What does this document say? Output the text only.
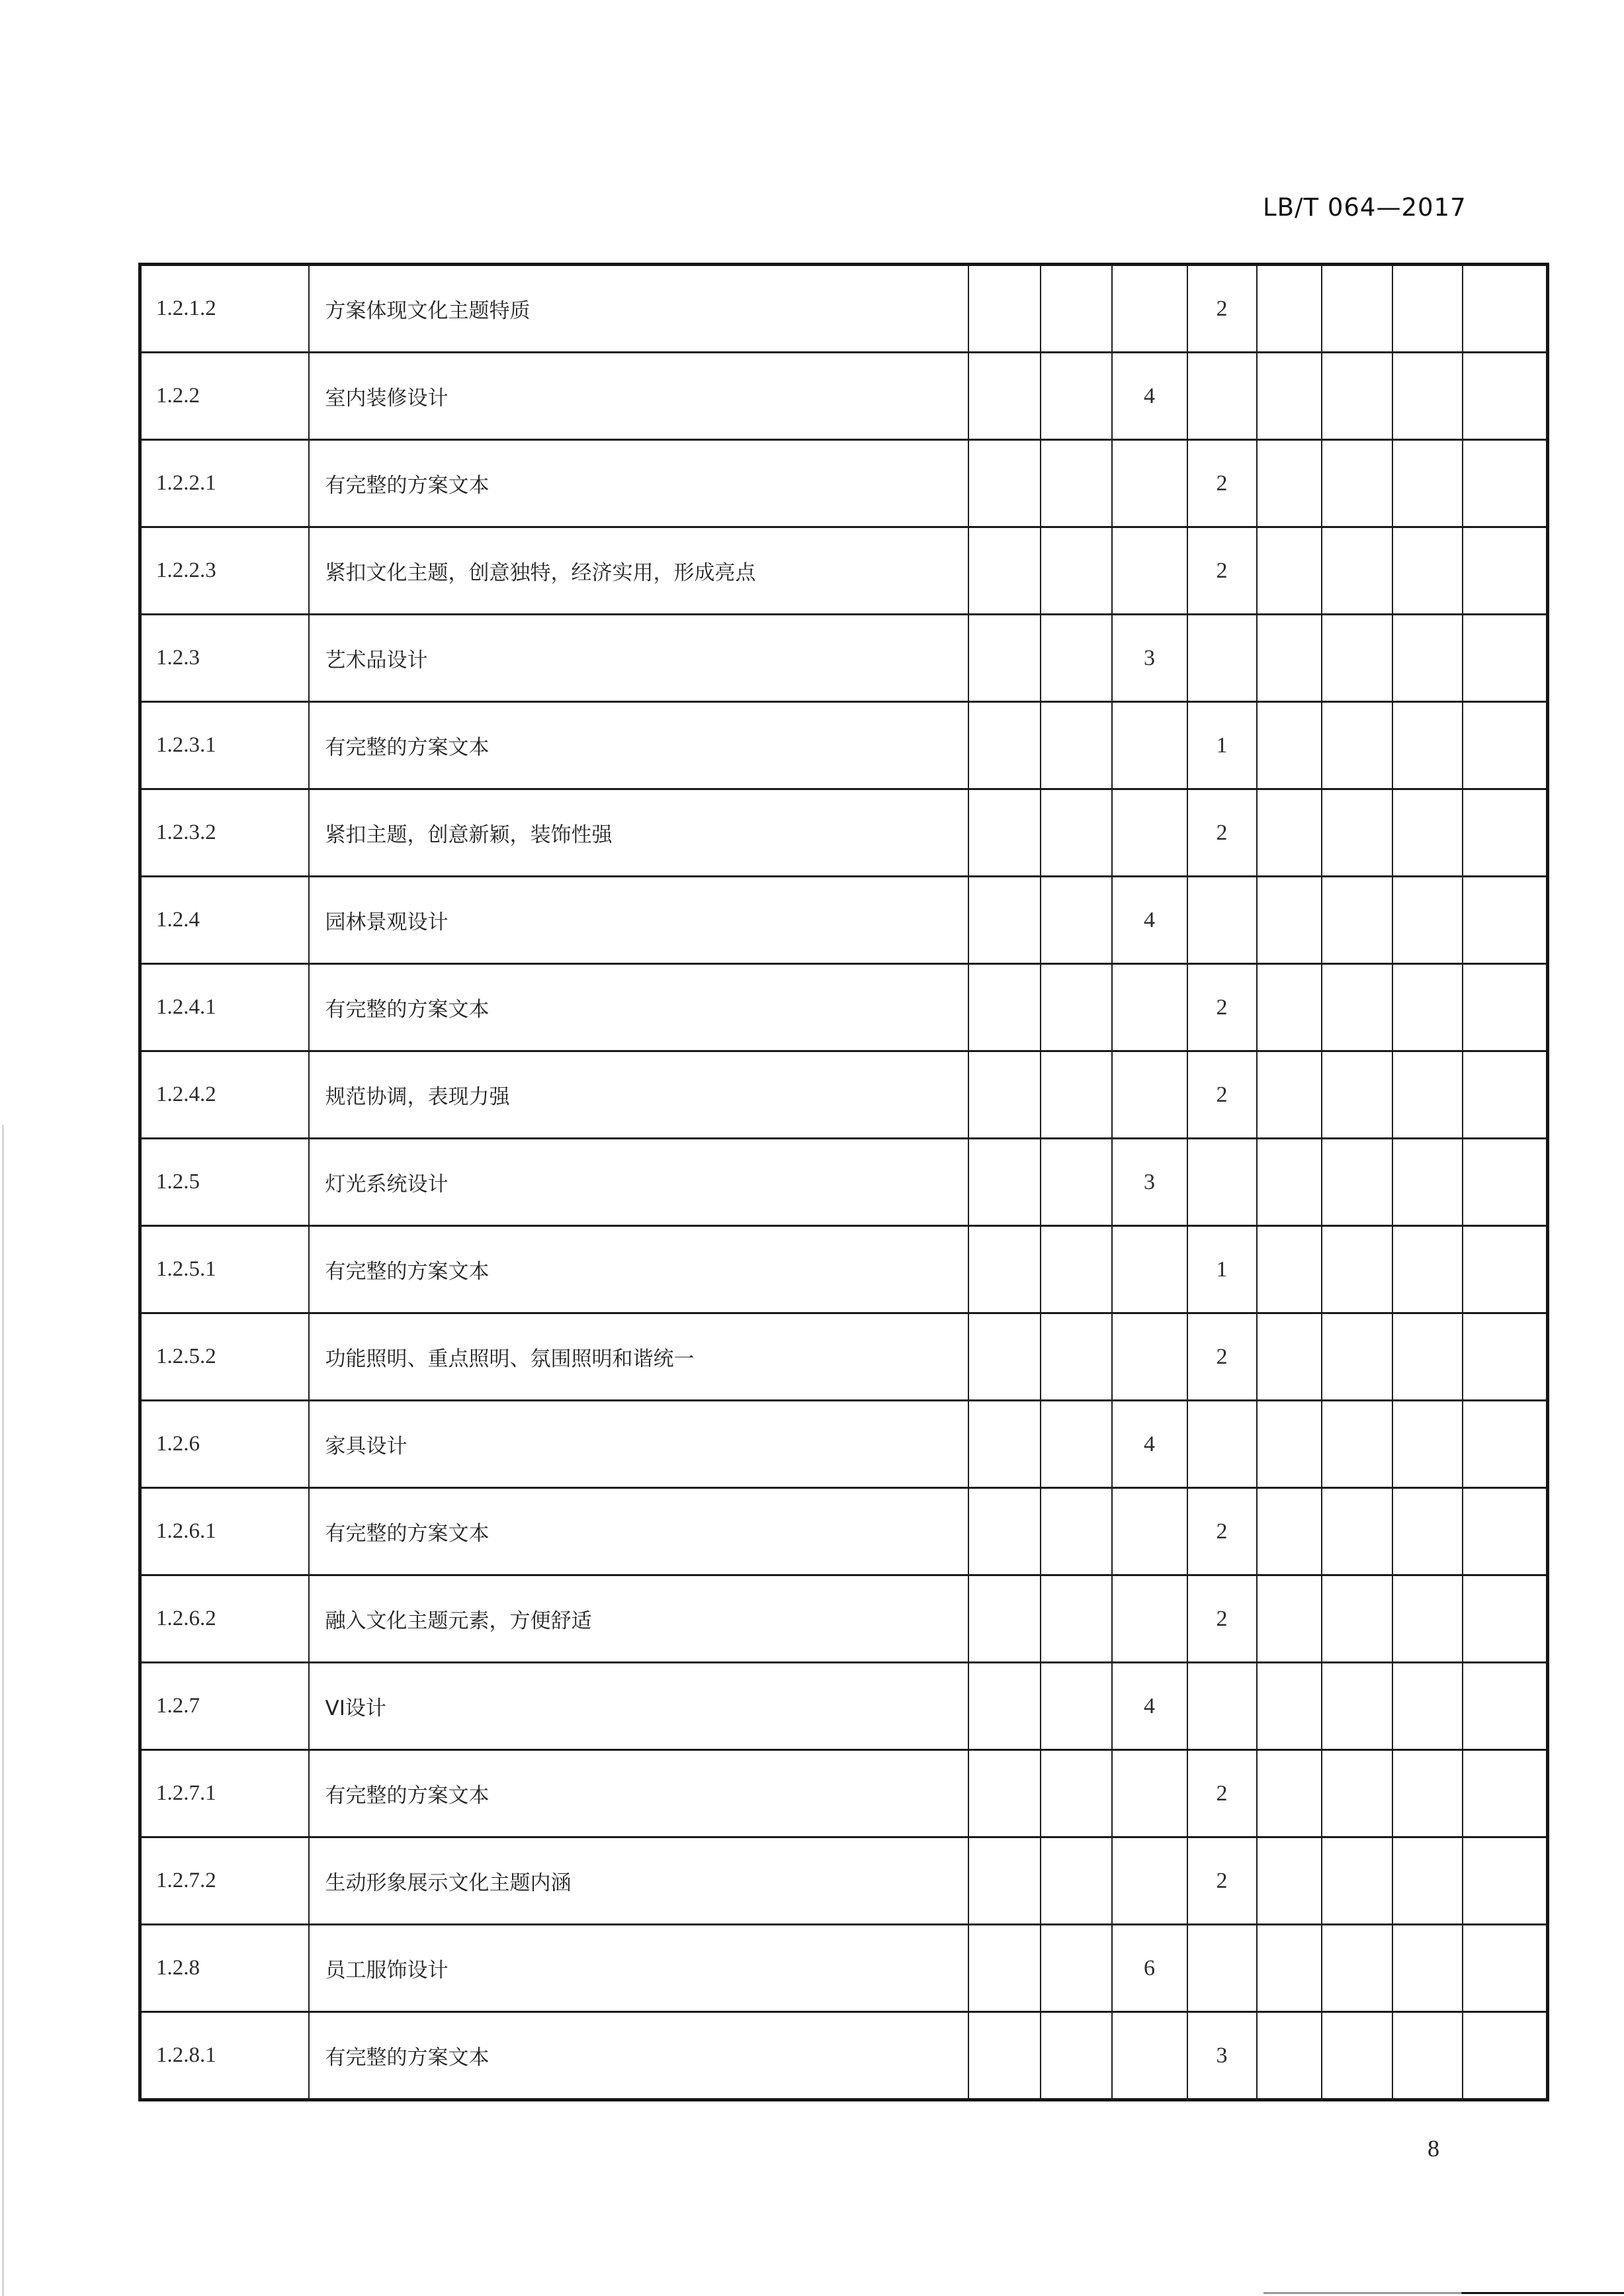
LB/T 064—2017
1.2.1.2	方案体现文化主题特质				2				
1.2.2	室内装修设计			4					
1.2.2.1	有完整的方案文本				2				
1.2.2.3	紧扣文化主题，创意独特，经济实用，形成亮点				2				
1.2.3	艺术品设计			3					
1.2.3.1	有完整的方案文本				1				
1.2.3.2	紧扣主题，创意新颖，装饰性强				2				
1.2.4	园林景观设计			4					
1.2.4.1	有完整的方案文本				2				
1.2.4.2	规范协调，表现力强				2				
1.2.5	灯光系统设计			3					
1.2.5.1	有完整的方案文本				1				
1.2.5.2	功能照明、重点照明、氛围照明和谐统一				2				
1.2.6	家具设计			4					
1.2.6.1	有完整的方案文本				2				
1.2.6.2	融入文化主题元素，方便舒适				2				
1.2.7	VI设计			4					
1.2.7.1	有完整的方案文本				2				
1.2.7.2	生动形象展示文化主题内涵				2				
1.2.8	员工服饰设计			6					
1.2.8.1	有完整的方案文本				3				
8
